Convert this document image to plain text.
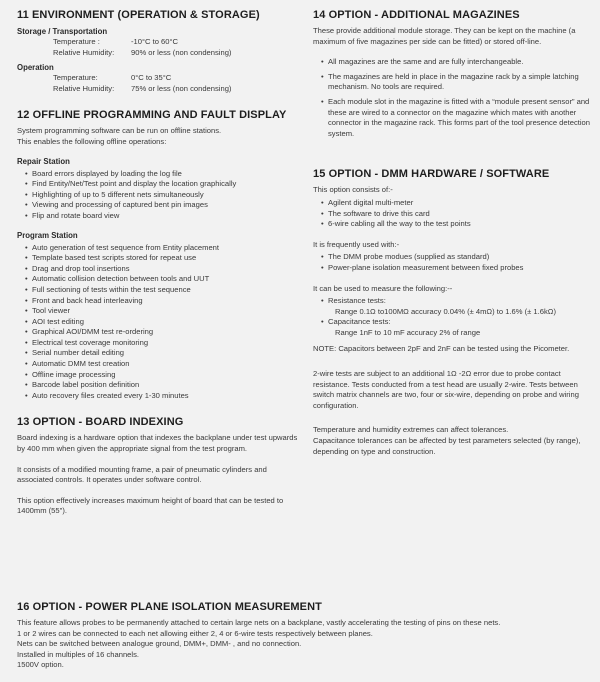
11 ENVIRONMENT (OPERATION & STORAGE)
Storage / Transportation
Temperature :	-10°C to 60°C
Relative Humidity:	90% or less (non condensing)
Operation
Temperature:	0°C to 35°C
Relative Humidity:	75% or less (non condensing)
12 OFFLINE PROGRAMMING AND FAULT DISPLAY

System programming software can be run on offline stations.

This enables the following offline operations:

Repair Station
• Board errors displayed by loading the log file
• Find Entity/Net/Test point and display the location graphically
• Highlighting of up to 5 different nets simultaneously
• Viewing and processing of captured bent pin images
• Flip and rotate board view
Program Station
• Auto generation of test sequence from Entity placement
• Template based test scripts stored for repeat use
• Drag and drop tool insertions
• Automatic collision detection between tools and UUT
• Full sectioning of tests within the test sequence
• Front and back head interleaving
• Tool viewer
• AOI test editing
• Graphical AOI/DMM test re-ordering
• Electrical test coverage monitoring
• Serial number detail editing
• Automatic DMM test creation
• Offline image processing
• Barcode label position definition
• Auto recovery files created every 1-30 minutes
13 OPTION - BOARD INDEXING

Board indexing is a hardware option that indexes the backplane under test upwards by 400 mm when given the appropriate signal from the test program.

It consists of a modified mounting frame, a pair of pneumatic cylinders and associated controls. It operates under software control.

This option effectively increases maximum height of board that can be tested to 1400mm (55").

14 OPTION - ADDITIONAL MAGAZINES

These provide additional module storage. They can be kept on the machine (a maximum of five magazines per side can be fitted) or stored off-line.

• All magazines are the same and are fully interchangeable.
• The magazines are held in place in the magazine rack by a simple latching mechanism. No tools are required.
• Each module slot in the magazine is fitted with a “module present sensor” and these are wired to a connector on the magazine which mates with another connector in the magazine rack. This forms part of the tool presence detection system.
15 OPTION - DMM HARDWARE / SOFTWARE

This option consists of:-

• Agilent digital multi-meter
• The software to drive this card
• 6-wire cabling all the way to the test points

It is frequently used with:-

• The DMM probe modues (supplied as standard)
• Power-plane isolation measurement between fixed probes

It can be used to measure the following:--

• Resistance tests:

Range 0.1Ω to100MΩ accuracy 0.04% (± 4mΩ) to 1.6% (± 1.6kΩ)

• Capacitance tests:

Range 1nF to 10 mF accuracy 2% of range

NOTE: Capacitors between 2pF and 2nF can be tested using the Picometer.

2-wire tests are subject to an additional 1Ω -2Ω error due to probe contact resistance. Tests conducted from a test head are usually 2-wire. Tests between switch matrix channels are two, four or six-wire, depending on probe and wiring configuration.

Temperature and humidity extremes can affect tolerances.

Capacitance tolerances can be affected by test parameters selected (by range), depending on type and construction.

16 OPTION - POWER PLANE ISOLATION MEASUREMENT

This feature allows probes to be permanently attached to certain large nets on a backplane, vastly accelerating the testing of pins on these nets.

1 or 2 wires can be connected to each net allowing either 2, 4 or 6-wire tests respectively between planes.

Nets can be switched between analogue ground, DMM+, DMM- , and no connection.

Installed in multiples of 16 channels.

1500V option.
